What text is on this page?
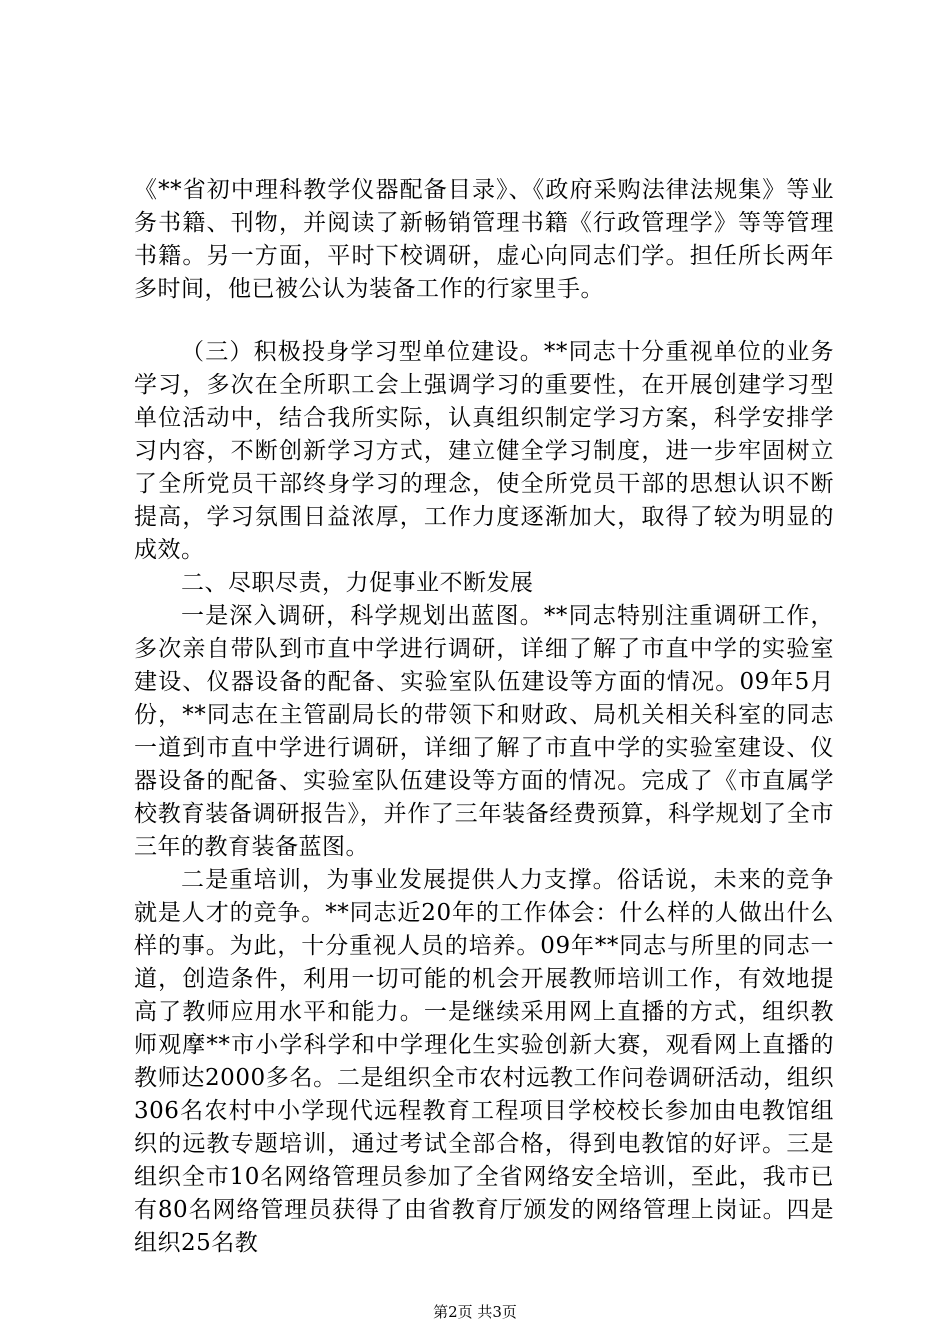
《**省初中理科教学仪器配备目录》、《政府采购法律法规集》等业务书籍、刊物，并阅读了新畅销管理书籍《行政管理学》等等管理书籍。另一方面，平时下校调研，虚心向同志们学。担任所长两年多时间，他已被公认为装备工作的行家里手。

（三）积极投身学习型单位建设。**同志十分重视单位的业务学习，多次在全所职工会上强调学习的重要性，在开展创建学习型单位活动中，结合我所实际，认真组织制定学习方案，科学安排学习内容，不断创新学习方式，建立健全学习制度，进一步牢固树立了全所党员干部终身学习的理念，使全所党员干部的思想认识不断提高，学习氛围日益浓厚，工作力度逐渐加大，取得了较为明显的成效。

二、尽职尽责，力促事业不断发展

一是深入调研，科学规划出蓝图。**同志特别注重调研工作，多次亲自带队到市直中学进行调研，详细了解了市直中学的实验室建设、仪器设备的配备、实验室队伍建设等方面的情况。09年5月份，**同志在主管副局长的带领下和财政、局机关相关科室的同志一道到市直中学进行调研，详细了解了市直中学的实验室建设、仪器设备的配备、实验室队伍建设等方面的情况。完成了《市直属学校教育装备调研报告》，并作了三年装备经费预算，科学规划了全市三年的教育装备蓝图。

二是重培训，为事业发展提供人力支撑。俗话说，未来的竞争就是人才的竞争。**同志近20年的工作体会：什么样的人做出什么样的事。为此，十分重视人员的培养。09年**同志与所里的同志一道，创造条件，利用一切可能的机会开展教师培训工作，有效地提高了教师应用水平和能力。一是继续采用网上直播的方式，组织教师观摩**市小学科学和中学理化生实验创新大赛，观看网上直播的教师达2000多名。二是组织全市农村远教工作问卷调研活动，组织306名农村中小学现代远程教育工程项目学校校长参加由电教馆组织的远教专题培训，通过考试全部合格，得到电教馆的好评。三是组织全市10名网络管理员参加了全省网络安全培训，至此，我市已有80名网络管理员获得了由省教育厅颁发的网络管理上岗证。四是组织25名教

第2页 共3页
